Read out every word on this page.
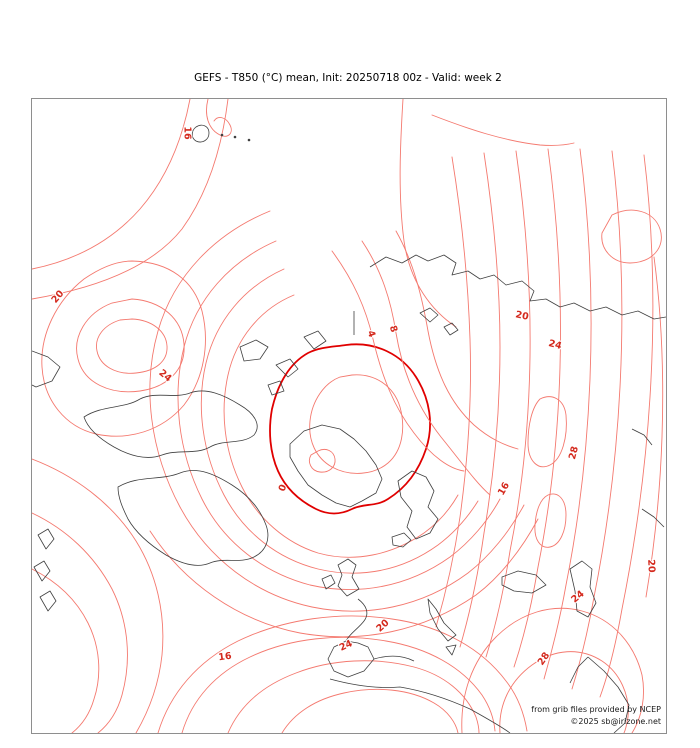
GEFS - T850 (°C) mean, Init: 20250718 00z - Valid: week 2
16
20
24
4
8
0
20
24
28
16
20
24
28
16
20
24
from grib files provided by NCEP
©2025 sb@irizone.net
